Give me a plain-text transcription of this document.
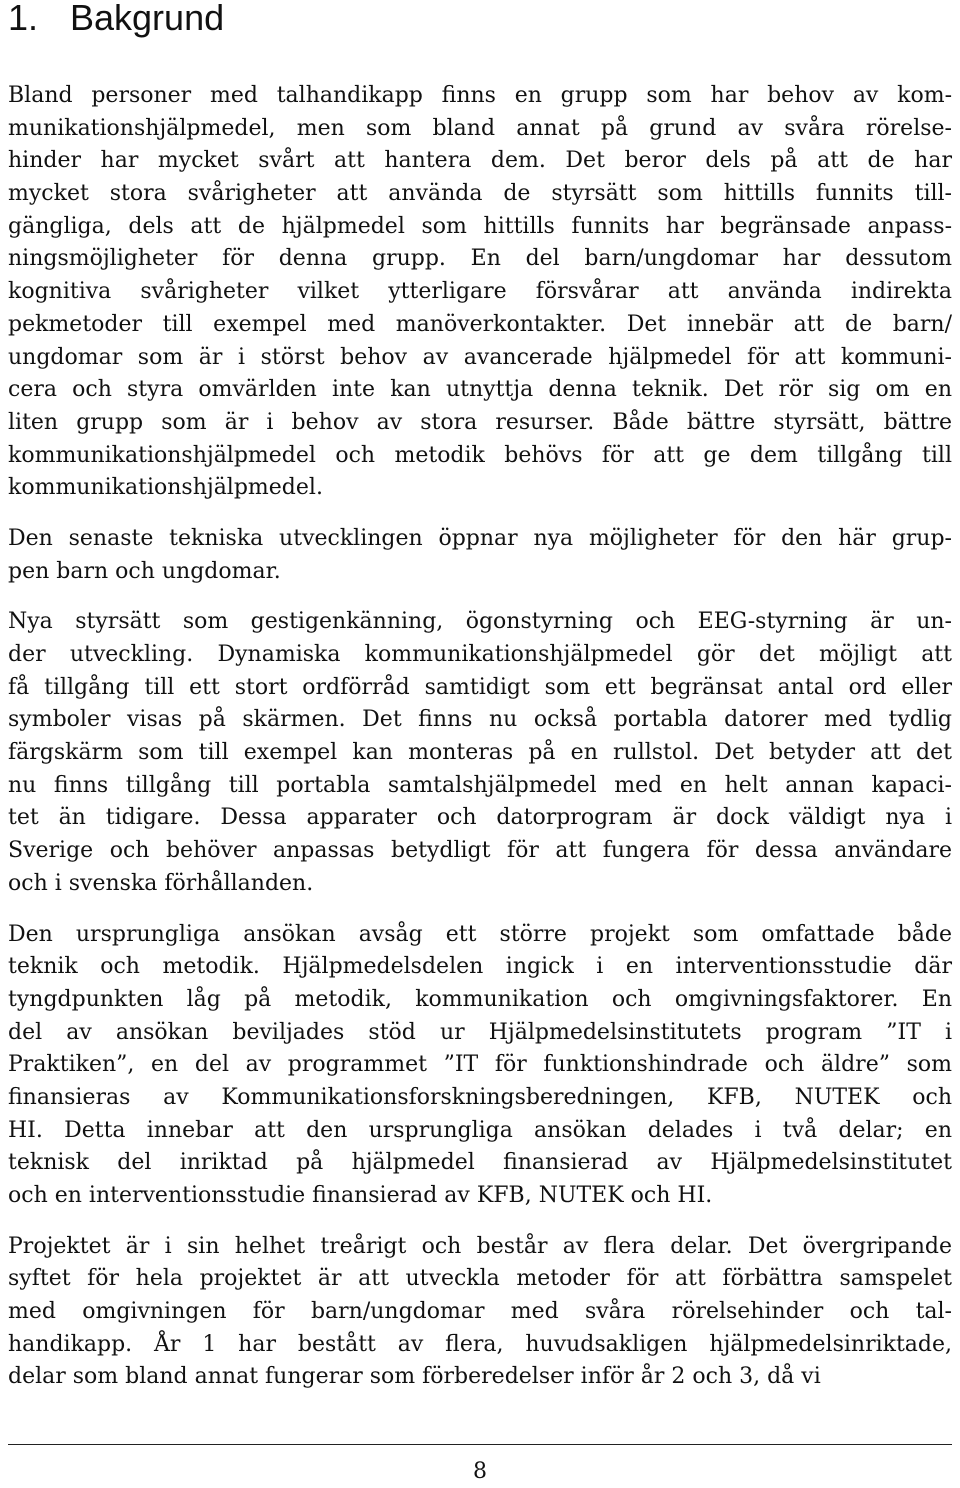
1. Bakgrund
Bland personer med talhandikapp finns en grupp som har behov av kom-
munikationshjälpmedel, men som bland annat på grund av svåra rörelse-
hinder har mycket svårt att hantera dem. Det beror dels på att de har
mycket stora svårigheter att använda de styrsätt som hittills funnits till-
gängliga, dels att de hjälpmedel som hittills funnits har begränsade anpass-
ningsmöjligheter för denna grupp. En del barn/ungdomar har dessutom
kognitiva svårigheter vilket ytterligare försvårar att använda indirekta
pekmetoder till exempel med manöverkontakter. Det innebär att de barn/
ungdomar som är i störst behov av avancerade hjälpmedel för att kommuni-
cera och styra omvärlden inte kan utnyttja denna teknik. Det rör sig om en
liten grupp som är i behov av stora resurser. Både bättre styrsätt, bättre
kommunikationshjälpmedel och metodik behövs för att ge dem tillgång till
kommunikationshjälpmedel.
Den senaste tekniska utvecklingen öppnar nya möjligheter för den här grup-
pen barn och ungdomar.
Nya styrsätt som gestigenkänning, ögonstyrning och EEG-styrning är un-
der utveckling. Dynamiska kommunikationshjälpmedel gör det möjligt att
få tillgång till ett stort ordförråd samtidigt som ett begränsat antal ord eller
symboler visas på skärmen. Det finns nu också portabla datorer med tydlig
färgskärm som till exempel kan monteras på en rullstol. Det betyder att det
nu finns tillgång till portabla samtalshjälpmedel med en helt annan kapaci-
tet än tidigare. Dessa apparater och datorprogram är dock väldigt nya i
Sverige och behöver anpassas betydligt för att fungera för dessa användare
och i svenska förhållanden.
Den ursprungliga ansökan avsåg ett större projekt som omfattade både
teknik och metodik. Hjälpmedelsdelen ingick i en interventionsstudie där
tyngdpunkten låg på metodik, kommunikation och omgivningsfaktorer. En
del av ansökan beviljades stöd ur Hjälpmedelsinstitutets program ”IT i
Praktiken”, en del av programmet ”IT för funktionshindrade och äldre” som
finansieras av Kommunikationsforskningsberedningen, KFB, NUTEK och
HI. Detta innebar att den ursprungliga ansökan delades i två delar; en
teknisk del inriktad på hjälpmedel finansierad av Hjälpmedelsinstitutet
och en interventionsstudie finansierad av KFB, NUTEK och HI.
Projektet är i sin helhet treårigt och består av flera delar. Det övergripande
syftet för hela projektet är att utveckla metoder för att förbättra samspelet
med omgivningen för barn/ungdomar med svåra rörelsehinder och tal-
handikapp. År 1 har bestått av flera, huvudsakligen hjälpmedelsinriktade,
delar som bland annat fungerar som förberedelser inför år 2 och 3, då vi
8
